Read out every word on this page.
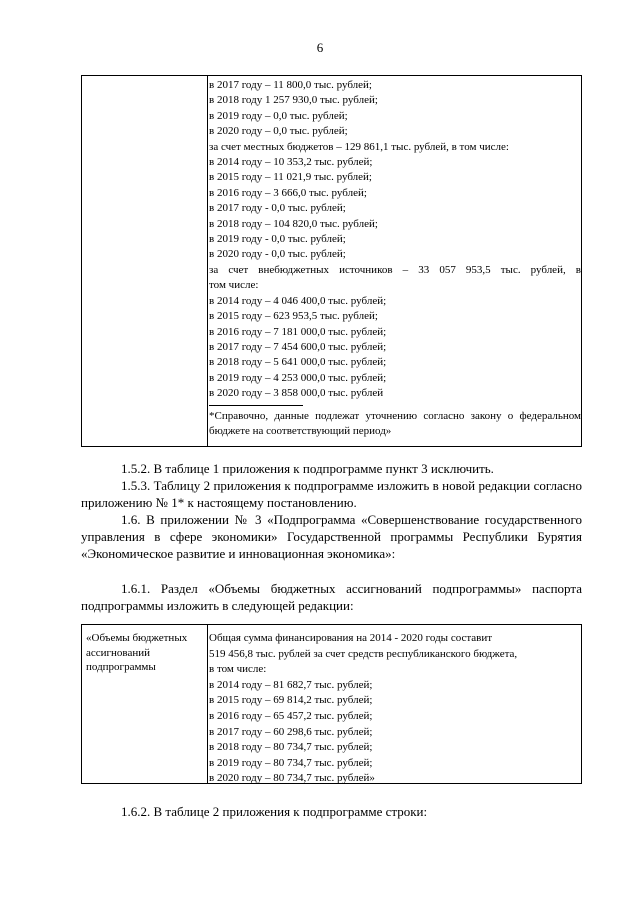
6
в 2017 году – 11 800,0 тыс. рублей;
в 2018 году 1 257 930,0 тыс. рублей;
в 2019 году – 0,0 тыс. рублей;
в 2020 году – 0,0 тыс. рублей;
за счет местных бюджетов – 129 861,1 тыс. рублей, в том числе:
в 2014 году – 10 353,2 тыс. рублей;
в 2015 году – 11 021,9 тыс. рублей;
в 2016 году – 3 666,0 тыс. рублей;
в 2017 году - 0,0 тыс. рублей;
в 2018 году – 104 820,0 тыс. рублей;
в 2019 году - 0,0 тыс. рублей;
в 2020 году - 0,0 тыс. рублей;
за счет внебюджетных источников – 33 057 953,5 тыс. рублей, в
том числе:
в 2014 году – 4 046 400,0 тыс. рублей;
в 2015 году – 623 953,5 тыс. рублей;
в 2016 году – 7 181 000,0 тыс. рублей;
в 2017 году – 7 454 600,0 тыс. рублей;
в 2018 году – 5 641 000,0 тыс. рублей;
в 2019 году – 4 253 000,0 тыс. рублей;
в 2020 году – 3 858 000,0 тыс. рублей
*Справочно, данные подлежат уточнению согласно закону о федеральном бюджете на соответствующий период»
1.5.2. В таблице 1 приложения к подпрограмме пункт 3 исключить.
1.5.3. Таблицу 2 приложения к подпрограмме изложить в новой редакции согласно приложению № 1* к настоящему постановлению.
1.6. В приложении № 3 «Подпрограмма «Совершенствование государственного управления в сфере экономики» Государственной программы Республики Бурятия «Экономическое развитие и инновационная экономика»:
1.6.1. Раздел «Объемы бюджетных ассигнований подпрограммы» паспорта подпрограммы изложить в следующей редакции:
«Объемы бюджетных ассигнований подпрограммы
Общая сумма финансирования на 2014 - 2020 годы составит
519 456,8 тыс. рублей за счет средств республиканского бюджета,
в том числе:
в 2014 году – 81 682,7 тыс. рублей;
в 2015 году – 69 814,2 тыс. рублей;
в 2016 году – 65 457,2 тыс. рублей;
в 2017 году – 60 298,6 тыс. рублей;
в 2018 году – 80 734,7 тыс. рублей;
в 2019 году – 80 734,7 тыс. рублей;
в 2020 году – 80 734,7 тыс. рублей»
1.6.2. В таблице 2 приложения к подпрограмме строки:
